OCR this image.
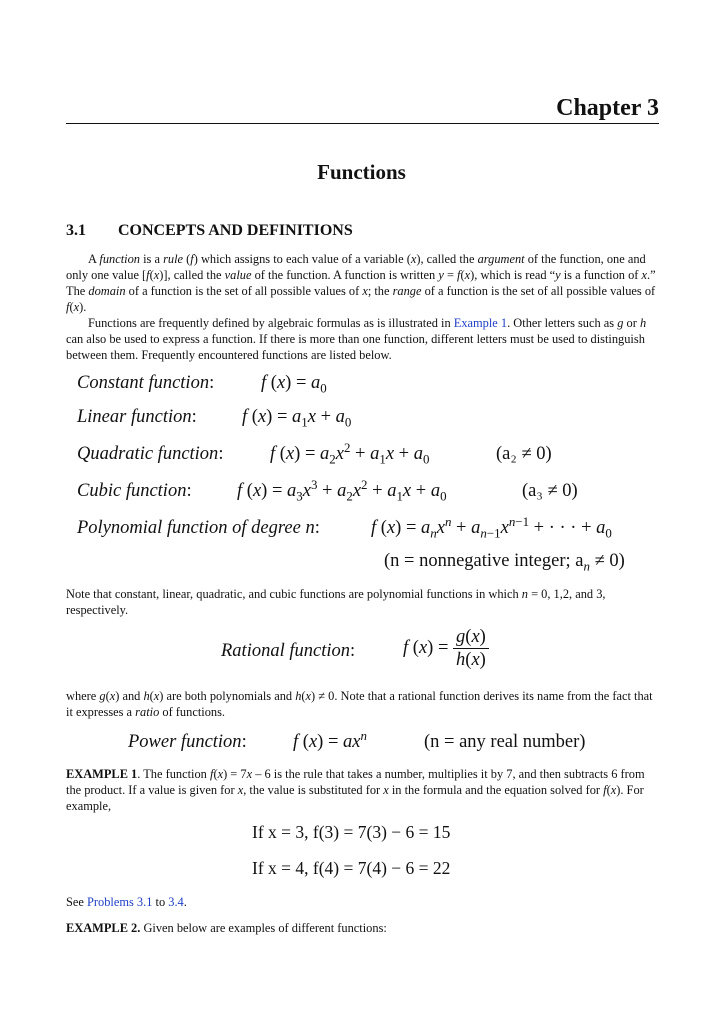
Chapter 3
Functions
3.1 CONCEPTS AND DEFINITIONS
A function is a rule (f) which assigns to each value of a variable (x), called the argument of the function, one and only one value [f(x)], called the value of the function. A function is written y = f(x), which is read “y is a function of x.” The domain of a function is the set of all possible values of x; the range of a function is the set of all possible values of f(x).
Functions are frequently defined by algebraic formulas as is illustrated in Example 1. Other letters such as g or h can also be used to express a function. If there is more than one function, different letters must be used to distinguish between them. Frequently encountered functions are listed below.
Constant function:	f $(x) = a_0$
Linear function: f $(x) = a_1x + a_0$
Quadratic function:	f $(x) = a_2x^2 + a_1x + a_0$	(a₂ ≠ 0)
Cubic function: f $(x) = a_3x^3 + a_2x^2 + a_1x + a_0$	(a₃ ≠ 0)
Polynomial function of degree n:	f $(x) = a_nx^n + a_{n-1}x^{n-1}$ + · · · + $a_0$
(n = nonnegative integer; $a_n \ne 0$)
Note that constant, linear, quadratic, and cubic functions are polynomial functions in which n = 0, 1,2, and 3, respectively.
Rational function:	f $(x) = \frac{g(x)}{h(x)}$
where g(x) and h(x) are both polynomials and h(x) ≠ 0. Note that a rational function derives its name from the fact that it expresses a ratio of functions.
Power function:	f $(x) = ax^n$	(n = any real number)
EXAMPLE 1. The function f(x) = 7x – 6 is the rule that takes a number, multiplies it by 7, and then subtracts 6 from the product. If a value is given for x, the value is substituted for x in the formula and the equation solved for f(x). For example,
If x = 3, f(3) = 7(3) − 6 = 15
If x = 4, f(4) = 7(4) − 6 = 22
See Problems 3.1 to 3.4.
EXAMPLE 2. Given below are examples of different functions:
